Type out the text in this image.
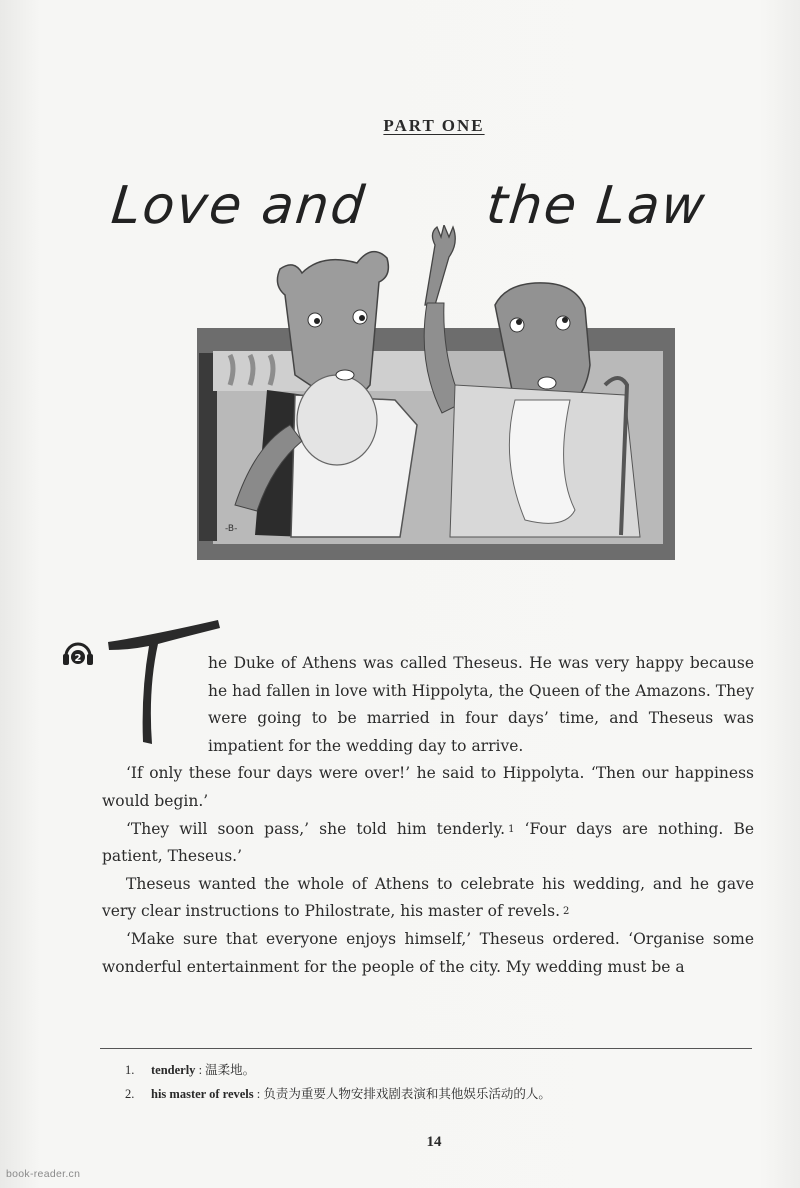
PART ONE
Love and the Law
-B-
2
T

he Duke of Athens was called Theseus. He was very happy because he had fallen in love with Hippolyta, the Queen of the Amazons. They were going to be married in four days’ time, and Theseus was impatient for the wedding day to arrive.

‘If only these four days were over!’ he said to Hippolyta. ‘Then our happiness would begin.’

‘They will soon pass,’ she told him tenderly. $^1$ ‘Four days are nothing. Be patient, Theseus.’

Theseus wanted the whole of Athens to celebrate his wedding, and he gave very clear instructions to Philostrate, his master of revels. $^2$

‘Make sure that everyone enjoys himself,’ Theseus ordered. ‘Organise some wonderful entertainment for the people of the city. My wedding must be a

1. tenderly : 温柔地。
2. his master of revels : 负责为重要人物安排戏剧表演和其他娱乐活动的人。
14
book-reader.cn
